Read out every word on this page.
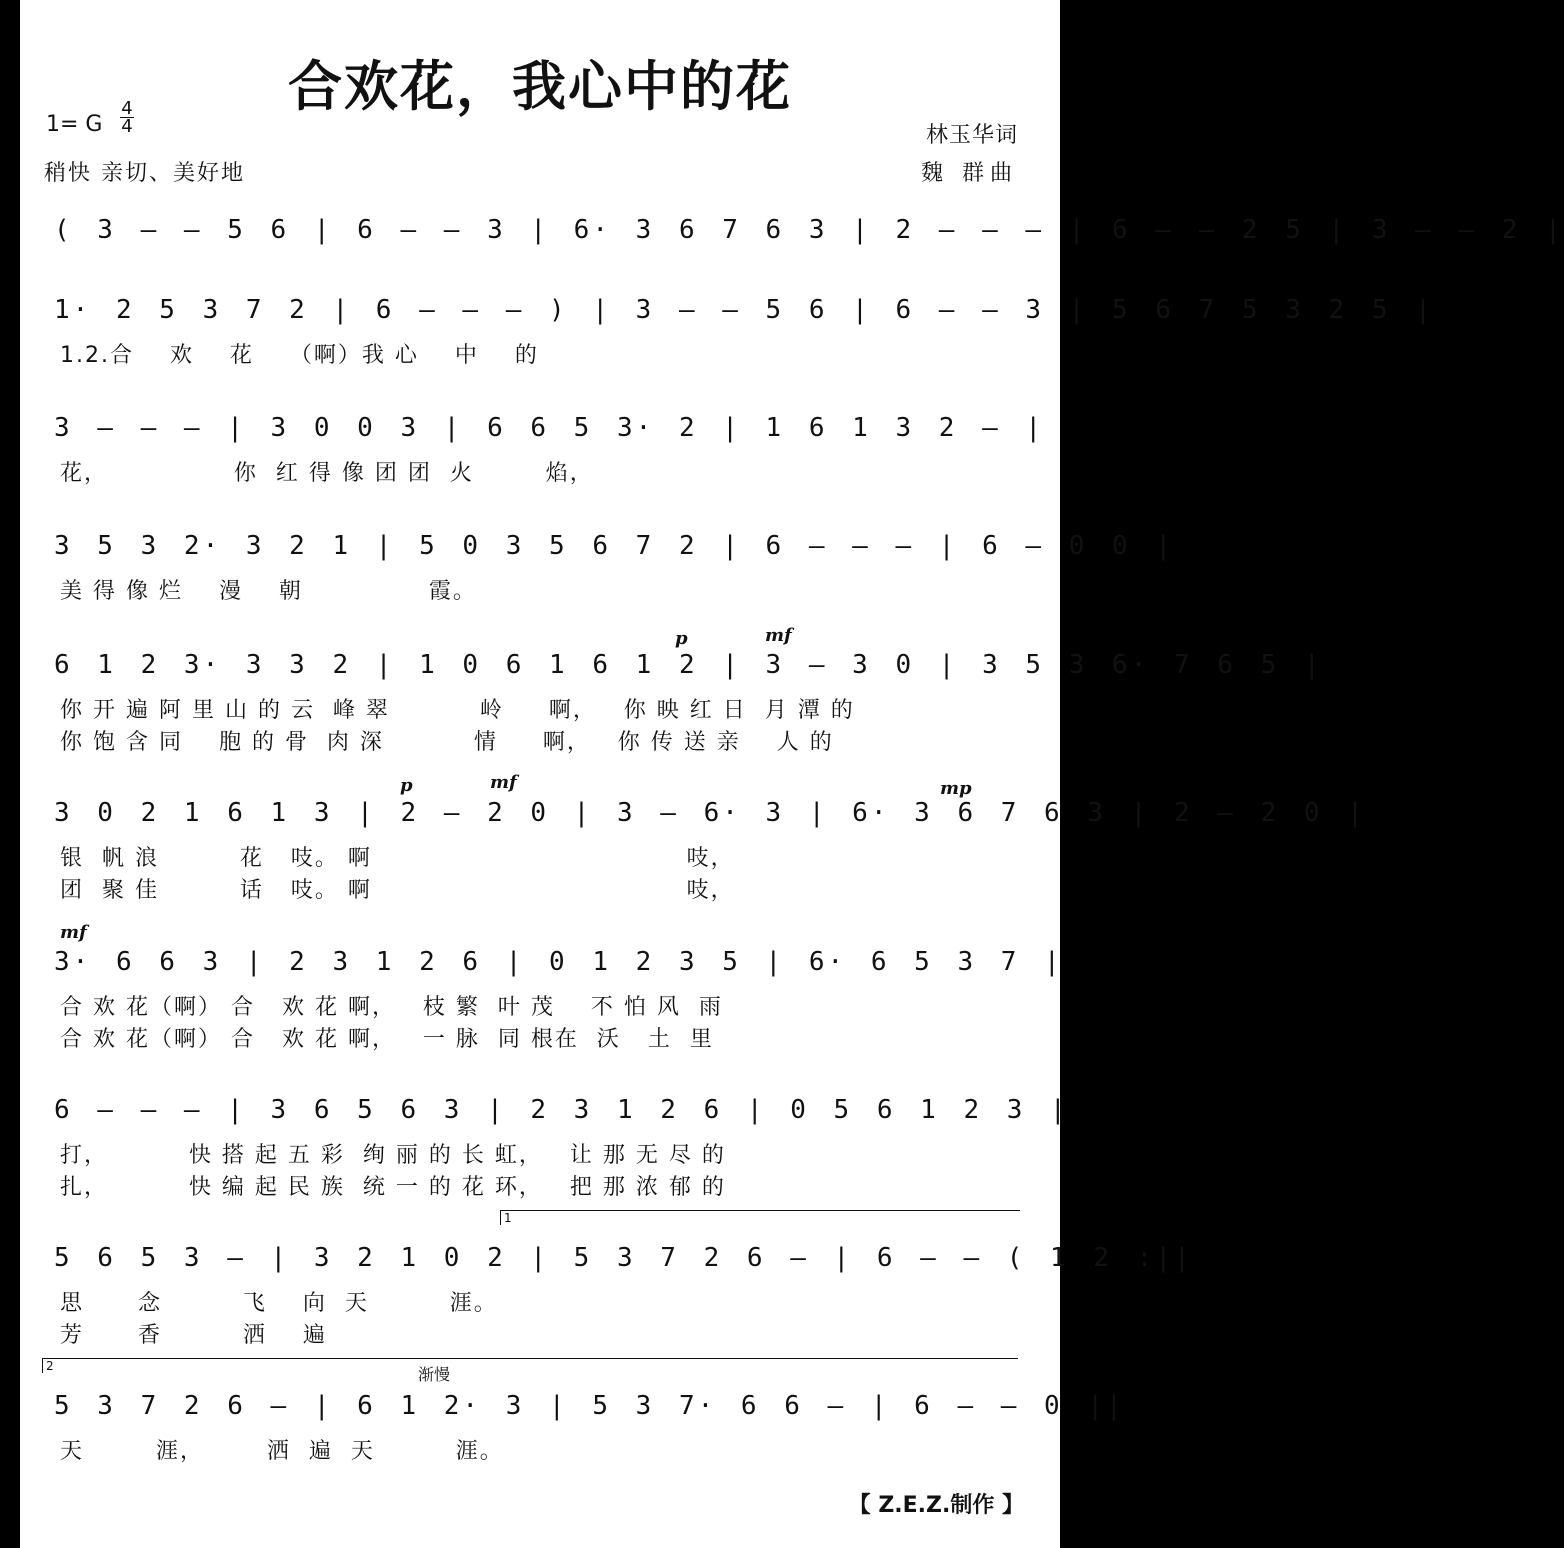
合欢花，我心中的花
1= G
4
4
稍快 亲切、美好地
林玉华词
魏 群曲
( 3 — — 5 6 | 6 — — 3 | 6· 3 6 7 6 3 | 2 — — — | 6 — — 2 5 | 3 — — 2 |
1· 2 5 3 7 2 | 6 — — — ) | 3 — — 5 6 | 6 — — 3 | 5 6 7 5 3 2 5 |
1.2.合    欢    花    （啊）我 心    中    的
3 — — — | 3 0 0 3 | 6 6 5 3· 2 | 1 6 1 3 2 — |
花，              你  红 得 像 团 团  火        焰，
3 5 3 2· 3 2 1 | 5 0 3 5 6 7 2 | 6 — — — | 6 — 0 0 |
美 得 像 烂    漫    朝              霞。
6 1 2 3· 3 3 2 | 1 0 6 1 6 1 2 | 3 — 3 0 | 3 5 3 6· 7 6 5 |
你 开 遍 阿 里 山 的 云  峰 翠          岭     啊，   你 映 红 日  月 潭 的
你 饱 含 同    胞 的 骨  肉 深          情     啊，   你 传 送 亲    人 的
3 0 2 1 6 1 3 | 2 — 2 0 | 3 — 6· 3 | 6· 3 6 7 6 3 | 2 — 2 0 |
银  帆 浪         花   吱。 啊                                   吱，
团  聚 佳         话   吱。 啊                                   吱，
3· 6 6 3 | 2 3 1 2 6 | 0 1 2 3 5 | 6· 6 5 3 7 |
合 欢 花（啊） 合   欢 花 啊，   枝 繁  叶 茂    不 怕 风  雨
合 欢 花（啊） 合   欢 花 啊，   一 脉  同 根在  沃   土  里
6 — — — | 3 6 5 6 3 | 2 3 1 2 6 | 0 5 6 1 2 3 |
打，         快 搭 起 五 彩  绚 丽 的 长 虹，   让 那 无 尽 的
扎，         快 编 起 民 族  统 一 的 花 环，   把 那 浓 郁 的
5 6 5 3 — | 3 2 1 0 2 | 5 3 7 2 6 — | 6 — — ( 1 2 :||
思      念         飞    向  天         涯。
芳      香         洒    遍
5 3 7 2 6 — | 6 1 2· 3 | 5 3 7· 6 6 — | 6 — — 0 ||
天        涯，       洒  遍  天         涯。
【 Z.E.Z.制作 】
p	mf
p	mf	mp
mf
1
2	渐慢
